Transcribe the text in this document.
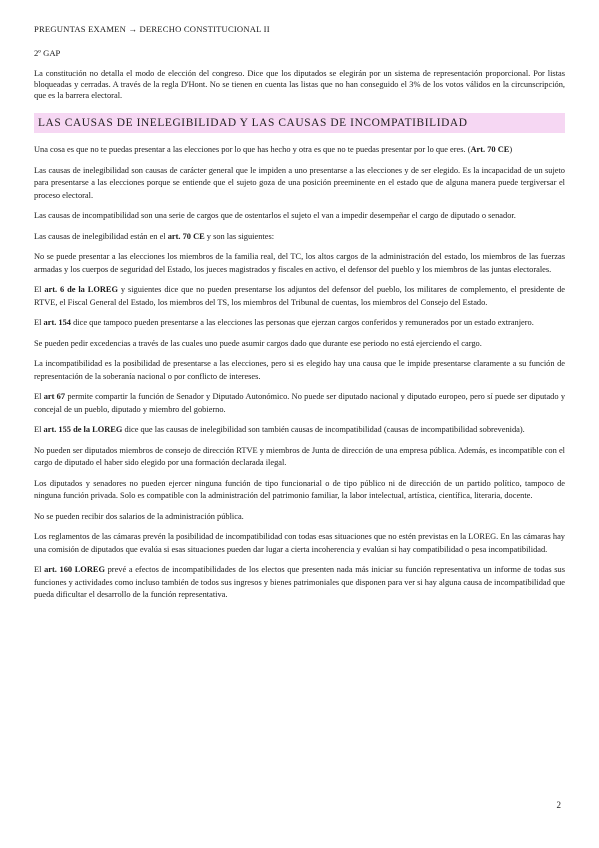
PREGUNTAS EXAMEN → DERECHO CONSTITUCIONAL II
2º GAP
La constitución no detalla el modo de elección del congreso. Dice que los diputados se elegirán por un sistema de representación proporcional. Por listas bloqueadas y cerradas. A través de la regla D'Hont. No se tienen en cuenta las listas que no han conseguido el 3% de los votos válidos en la circunscripción, que es la barrera electoral.
LAS CAUSAS DE INELEGIBILIDAD Y LAS CAUSAS DE INCOMPATIBILIDAD
Una cosa es que no te puedas presentar a las elecciones por lo que has hecho y otra es que no te puedas presentar por lo que eres. (Art. 70 CE)
Las causas de inelegibilidad son causas de carácter general que le impiden a uno presentarse a las elecciones y de ser elegido. Es la incapacidad de un sujeto para presentarse a las elecciones porque se entiende que el sujeto goza de una posición preeminente en el estado que de alguna manera puede tergiversar el proceso electoral.
Las causas de incompatibilidad son una serie de cargos que de ostentarlos el sujeto el van a impedir desempeñar el cargo de diputado o senador.
Las causas de inelegibilidad están en el art. 70 CE y son las siguientes:
No se puede presentar a las elecciones los miembros de la familia real, del TC, los altos cargos de la administración del estado, los miembros de las fuerzas armadas y los cuerpos de seguridad del Estado, los jueces magistrados y fiscales en activo, el defensor del pueblo y los miembros de las juntas electorales.
El art. 6 de la LOREG y siguientes dice que no pueden presentarse los adjuntos del defensor del pueblo, los militares de complemento, el presidente de RTVE, el Fiscal General del Estado, los miembros del TS, los miembros del Tribunal de cuentas, los miembros del Consejo del Estado.
El art. 154 dice que tampoco pueden presentarse a las elecciones las personas que ejerzan cargos conferidos y remunerados por un estado extranjero.
Se pueden pedir excedencias a través de las cuales uno puede asumir cargos dado que durante ese periodo no está ejerciendo el cargo.
La incompatibilidad es la posibilidad de presentarse a las elecciones, pero si es elegido hay una causa que le impide presentarse claramente a su función de representación de la soberanía nacional o por conflicto de intereses.
El art 67 permite compartir la función de Senador y Diputado Autonómico. No puede ser diputado nacional y diputado europeo, pero sí puede ser diputado y concejal de un pueblo, diputado y miembro del gobierno.
El art. 155 de la LOREG dice que las causas de inelegibilidad son también causas de incompatibilidad (causas de incompatibilidad sobrevenida).
No pueden ser diputados miembros de consejo de dirección RTVE y miembros de Junta de dirección de una empresa pública. Además, es incompatible con el cargo de diputado el haber sido elegido por una formación declarada ilegal.
Los diputados y senadores no pueden ejercer ninguna función de tipo funcionarial o de tipo público ni de dirección de un partido político, tampoco de ninguna función privada. Solo es compatible con la administración del patrimonio familiar, la labor intelectual, artística, científica, literaria, docente.
No se pueden recibir dos salarios de la administración pública.
Los reglamentos de las cámaras prevén la posibilidad de incompatibilidad con todas esas situaciones que no estén previstas en la LOREG. En las cámaras hay una comisión de diputados que evalúa si esas situaciones pueden dar lugar a cierta incoherencia y evalúan si hay compatibilidad o pesa incompatibilidad.
El art. 160 LOREG prevé a efectos de incompatibilidades de los electos que presenten nada más iniciar su función representativa un informe de todas sus funciones y actividades como incluso también de todos sus ingresos y bienes patrimoniales que disponen para ver si hay alguna causa de incompatibilidad que pueda dificultar el desarrollo de la función representativa.
2
